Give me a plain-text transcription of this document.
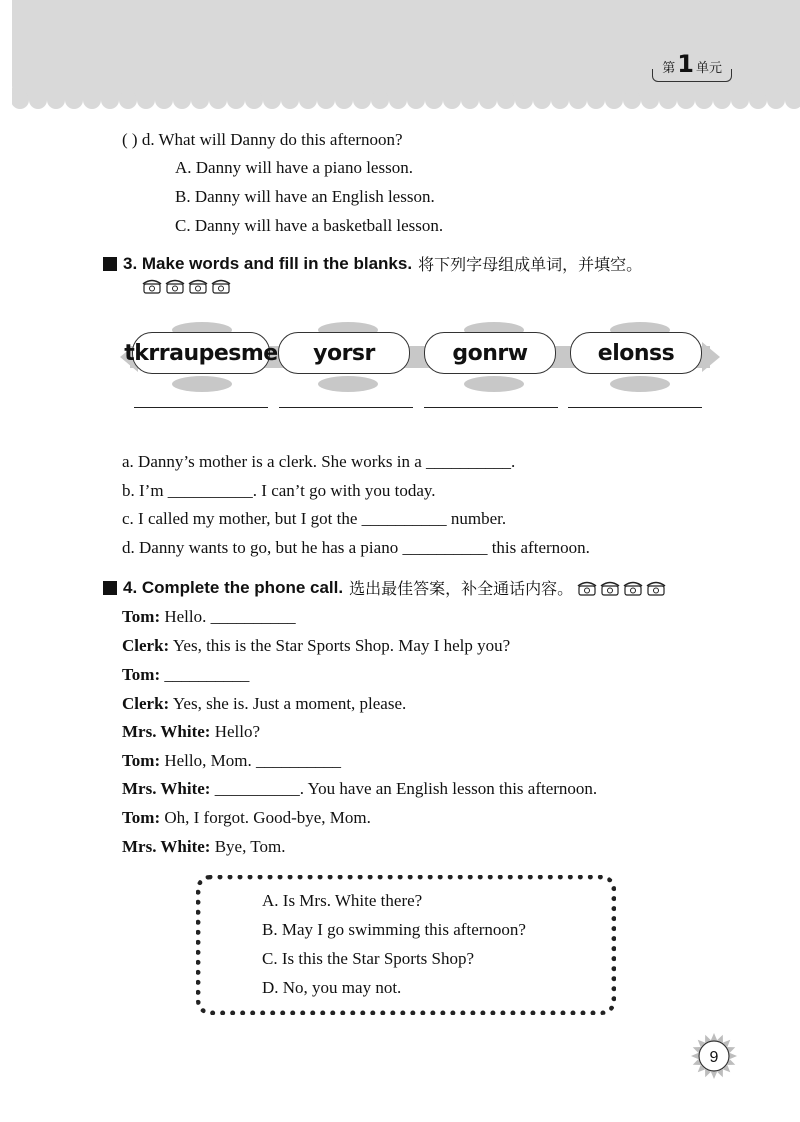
第 1 单元
( ) d. What will Danny do this afternoon?
A. Danny will have a piano lesson.
B. Danny will have an English lesson.
C. Danny will have a basketball lesson.
3. Make words and fill in the blanks. 将下列字母组成单词，并填空。
tkrraupesme	yorsr	gonrw	elonss
a. Danny’s mother is a clerk. She works in a __________.
b. I’m __________. I can’t go with you today.
c. I called my mother, but I got the __________ number.
d. Danny wants to go, but he has a piano __________ this afternoon.
4. Complete the phone call. 选出最佳答案，补全通话内容。
Tom: Hello. __________
Clerk: Yes, this is the Star Sports Shop. May I help you?
Tom: __________
Clerk: Yes, she is. Just a moment, please.
Mrs. White: Hello?
Tom: Hello, Mom. __________
Mrs. White: __________. You have an English lesson this afternoon.
Tom: Oh, I forgot. Good-bye, Mom.
Mrs. White: Bye, Tom.
A. Is Mrs. White there?
B. May I go swimming this afternoon?
C. Is this the Star Sports Shop?
D. No, you may not.
9
